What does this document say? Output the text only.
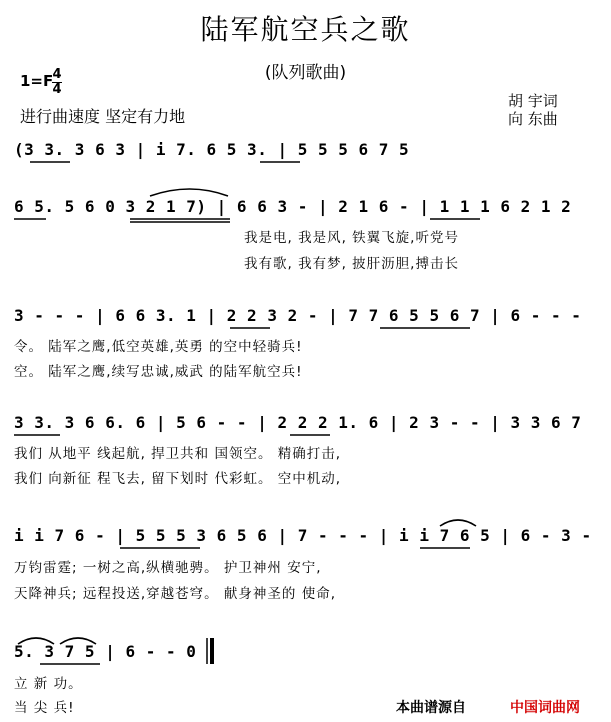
陆军航空兵之歌
(队列歌曲)
1=F 4
4
进行曲速度 坚定有力地
胡 宇词
向 东曲
(3 3. 3 6 3 | i 7. 6 5 3. | 5 5 5 6 7 5
6 5. 5 6 0 3 2 1 7) | 6 6 3 - | 2 1 6 - | 1 1 1 6 2 1 2
我是电, 我是风, 铁翼飞旋,听党号
我有歌, 我有梦, 披肝沥胆,搏击长
3 - - - | 6 6 3. 1 | 2 2 3 2 - | 7 7 6 5 5 6 7 | 6 - - -
令。 陆军之鹰,低空英雄,英勇 的空中轻骑兵!
空。 陆军之鹰,续写忠诚,威武 的陆军航空兵!
3 3. 3 6 6. 6 | 5 6 - - | 2 2 2 1. 6 | 2 3 - - | 3 3 6 7
我们 从地平 线起航, 捍卫共和 国领空。 精确打击,
我们 向新征 程飞去, 留下划时 代彩虹。 空中机动,
i i 7 6 - | 5 5 5 3 6 5 6 | 7 - - - | i i 7 6 5 | 6 - 3 -
万钧雷霆; 一树之高,纵横驰骋。 护卫神州 安宁,
天降神兵; 远程投送,穿越苍穹。 献身神圣的 使命,
5. 3 7 5 | 6 - - 0
立 新 功。
当 尖 兵!	本曲谱源自	中国词曲网
